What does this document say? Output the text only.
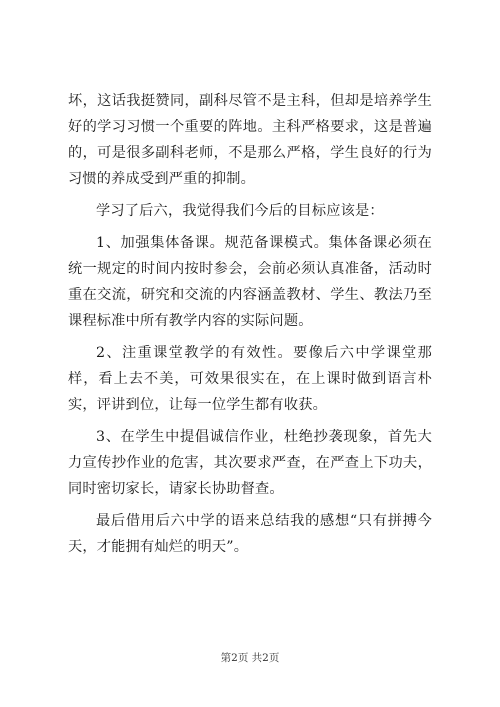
坏，这话我挺赞同，副科尽管不是主科，但却是培养学生好的学习习惯一个重要的阵地。主科严格要求，这是普遍的，可是很多副科老师，不是那么严格，学生良好的行为习惯的养成受到严重的抑制。

学习了后六，我觉得我们今后的目标应该是：

1、加强集体备课。规范备课模式。集体备课必须在统一规定的时间内按时参会，会前必须认真准备，活动时重在交流，研究和交流的内容涵盖教材、学生、教法乃至课程标准中所有教学内容的实际问题。

2、注重课堂教学的有效性。要像后六中学课堂那样，看上去不美，可效果很实在，在上课时做到语言朴实，评讲到位，让每一位学生都有收获。

3、在学生中提倡诚信作业，杜绝抄袭现象，首先大力宣传抄作业的危害，其次要求严查，在严查上下功夫，同时密切家长，请家长协助督查。

最后借用后六中学的语来总结我的感想“只有拼搏今天，才能拥有灿烂的明天”。

第2页 共2页
